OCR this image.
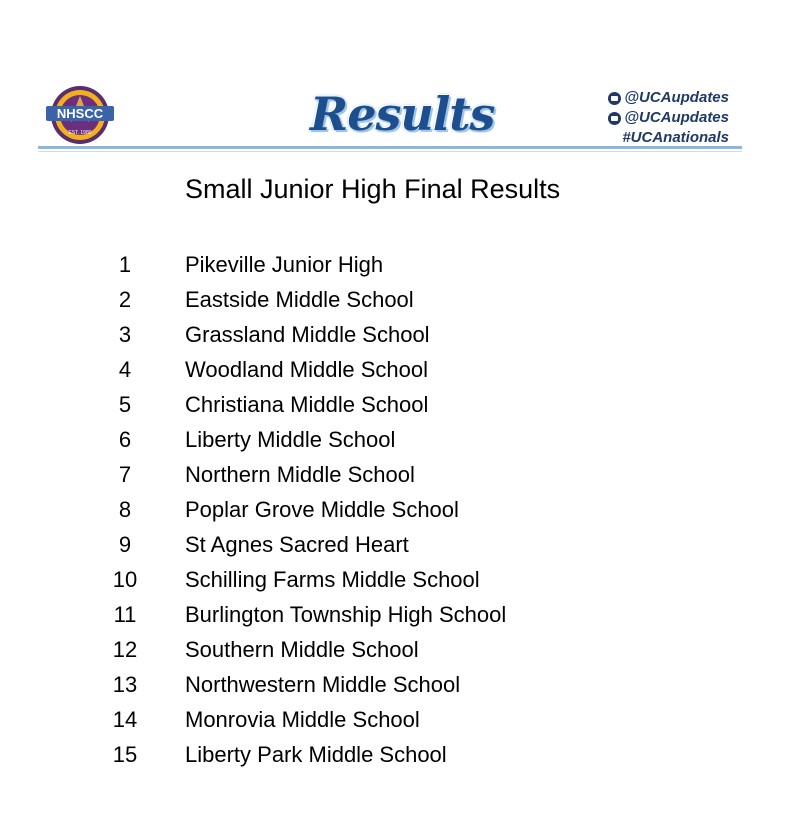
NHSCC
EST. 1980	Results	@UCAupdates
@UCAupdates
#UCAnationals
Small Junior High Final Results
1	Pikeville Junior High
2	Eastside Middle School
3	Grassland Middle School
4	Woodland Middle School
5	Christiana Middle School
6	Liberty Middle School
7	Northern Middle School
8	Poplar Grove Middle School
9	St Agnes Sacred Heart
10	Schilling Farms Middle School
11	Burlington Township High School
12	Southern Middle School
13	Northwestern Middle School
14	Monrovia Middle School
15	Liberty Park Middle School
